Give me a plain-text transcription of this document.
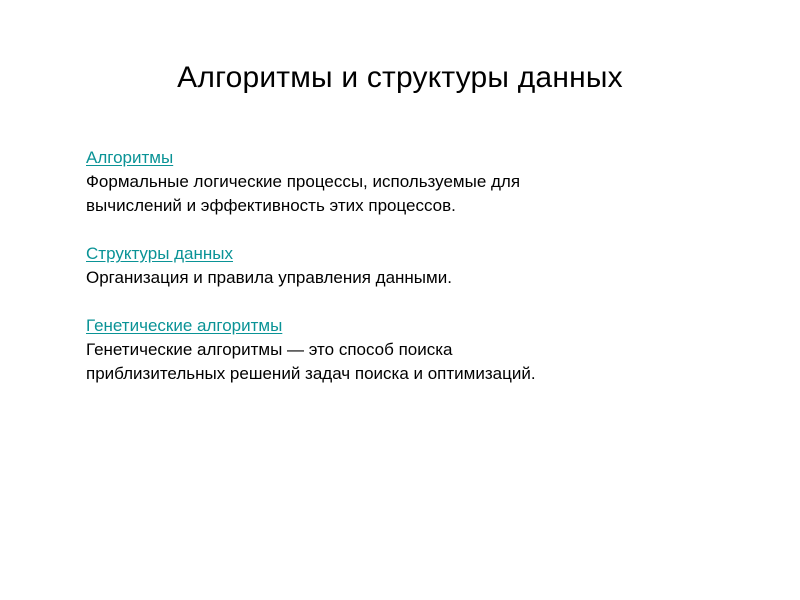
Алгоритмы и структуры данных
Алгоритмы

Формальные логические процессы, используемые для
вычислений и эффективность этих процессов.

Структуры данных

Организация и правила управления данными.

Генетические алгоритмы

Генетические алгоритмы — это способ поиска
приблизительных решений задач поиска и оптимизаций.
